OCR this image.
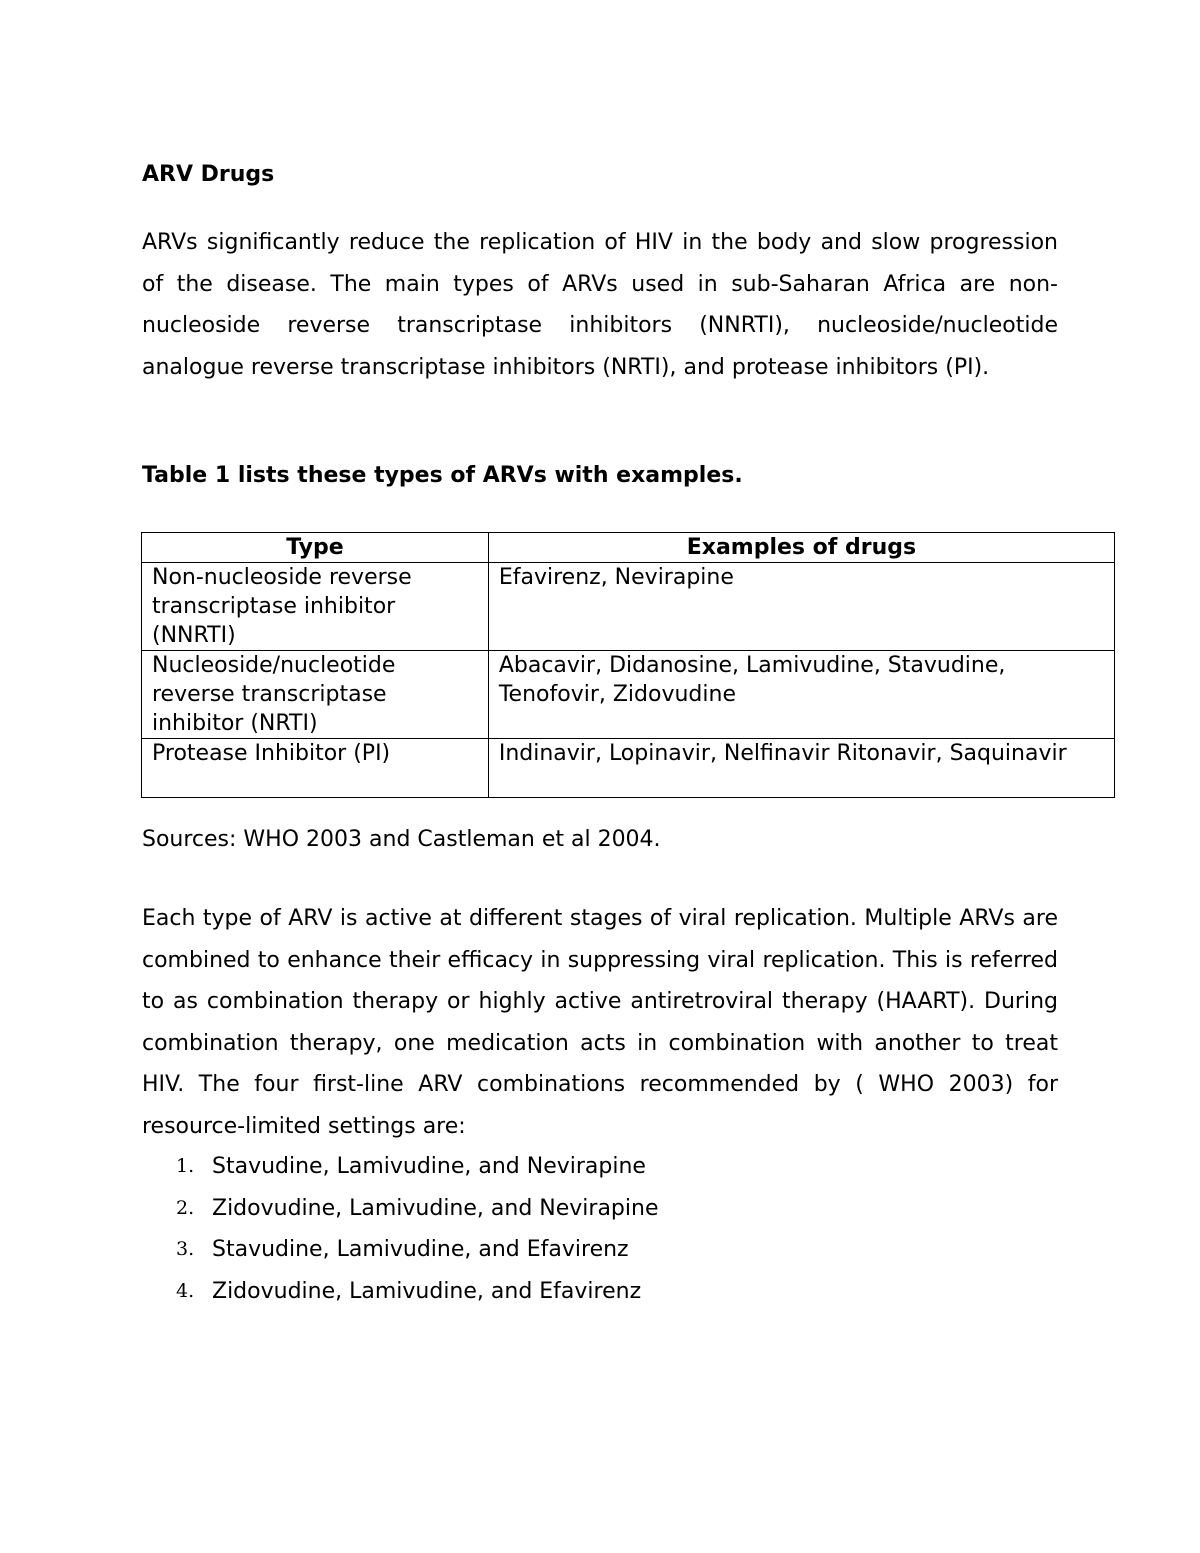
ARV Drugs

ARVs significantly reduce the replication of HIV in the body and slow progression of the disease. The main types of ARVs used in sub-Saharan Africa are non-nucleoside reverse transcriptase inhibitors (NNRTI), nucleoside/nucleotide analogue reverse transcriptase inhibitors (NRTI), and protease inhibitors (PI).

Table 1 lists these types of ARVs with examples.

Type	Examples of drugs
Non-nucleoside reverse transcriptase inhibitor (NNRTI)	Efavirenz, Nevirapine
Nucleoside/nucleotide reverse transcriptase inhibitor (NRTI)	Abacavir, Didanosine, Lamivudine, Stavudine, Tenofovir, Zidovudine
Protease Inhibitor (PI)	Indinavir, Lopinavir, Nelfinavir Ritonavir, Saquinavir

Sources: WHO 2003 and Castleman et al 2004.

Each type of ARV is active at different stages of viral replication. Multiple ARVs are combined to enhance their efficacy in suppressing viral replication. This is referred to as combination therapy or highly active antiretroviral therapy (HAART). During combination therapy, one medication acts in combination with another to treat HIV. The four first-line ARV combinations recommended by ( WHO 2003) for resource-limited settings are:

1. Stavudine, Lamivudine, and Nevirapine
2. Zidovudine, Lamivudine, and Nevirapine
3. Stavudine, Lamivudine, and Efavirenz
4. Zidovudine, Lamivudine, and Efavirenz
